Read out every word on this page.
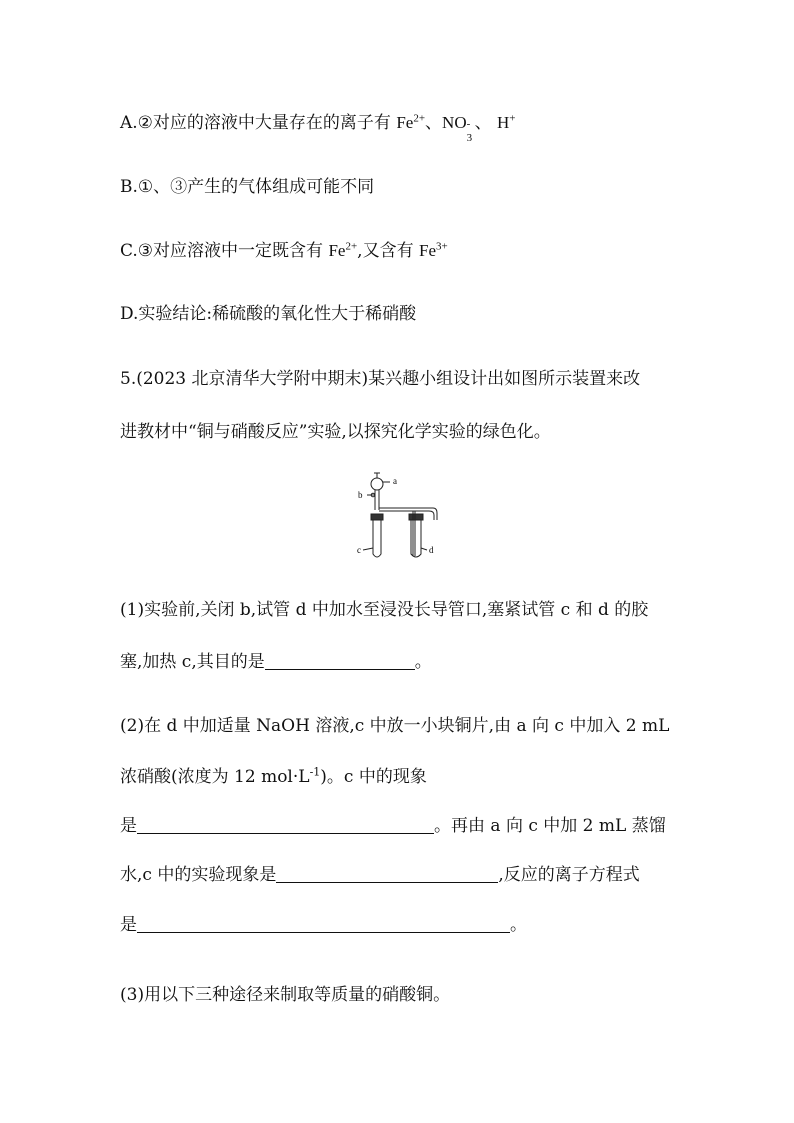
A.②对应的溶液中大量存在的离子有 $Fe^{2+}$、NO -
3
、 H+
B.①、③产生的气体组成可能不同
C.③对应溶液中一定既含有 $Fe^{2+}$,又含有 $Fe^{3+}$
D.实验结论:稀硫酸的氧化性大于稀硝酸
5.(2023 北京清华大学附中期末)某兴趣小组设计出如图所示装置来改
进教材中“铜与硝酸反应”实验,以探究化学实验的绿色化。
a
b
c	d
(1)实验前,关闭 b,试管 d 中加水至浸没长导管口,塞紧试管 c 和 d 的胶
塞,加热 c,其目的是	。
(2)在 d 中加适量 NaOH 溶液,c 中放一小块铜片,由 a 向 c 中加入 2 mL
浓硝酸(浓度为 12 $mol\cdot L^{-1}$)。c 中的现象
是	。再由 a 向 c 中加 2 mL 蒸馏
水,c 中的实验现象是	,反应的离子方程式
是	。
(3)用以下三种途径来制取等质量的硝酸铜。
